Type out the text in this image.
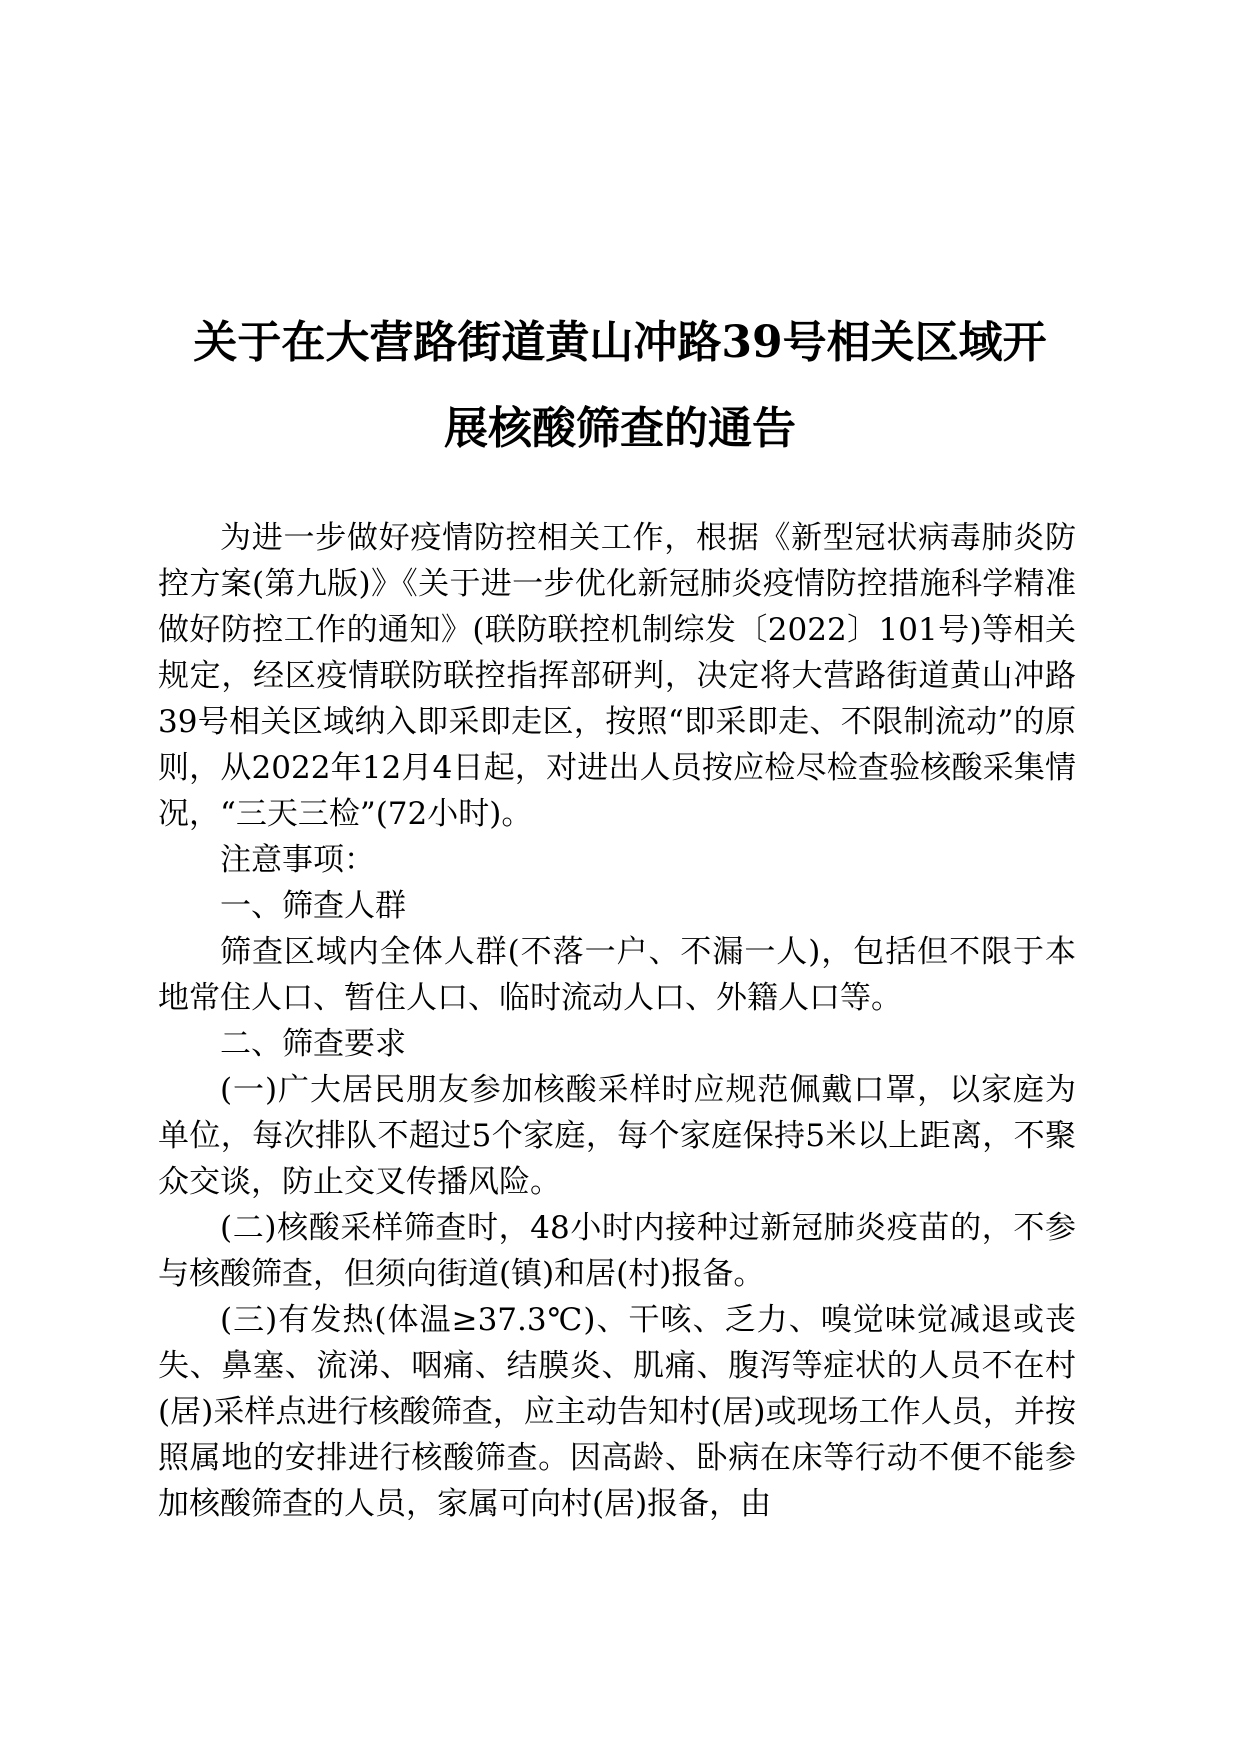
关于在大营路街道黄山冲路39号相关区域开
展核酸筛查的通告

为进一步做好疫情防控相关工作，根据《新型冠状病毒肺炎防控方案(第九版)》《关于进一步优化新冠肺炎疫情防控措施科学精准做好防控工作的通知》(联防联控机制综发〔2022〕101号)等相关规定，经区疫情联防联控指挥部研判，决定将大营路街道黄山冲路39号相关区域纳入即采即走区，按照“即采即走、不限制流动”的原则，从2022年12月4日起，对进出人员按应检尽检查验核酸采集情况，“三天三检”(72小时)。

注意事项：

一、筛查人群

筛查区域内全体人群(不落一户、不漏一人)，包括但不限于本地常住人口、暂住人口、临时流动人口、外籍人口等。

二、筛查要求

(一)广大居民朋友参加核酸采样时应规范佩戴口罩，以家庭为单位，每次排队不超过5个家庭，每个家庭保持5米以上距离，不聚众交谈，防止交叉传播风险。

(二)核酸采样筛查时，48小时内接种过新冠肺炎疫苗的，不参与核酸筛查，但须向街道(镇)和居(村)报备。

(三)有发热(体温≥37.3℃)、干咳、乏力、嗅觉味觉减退或丧失、鼻塞、流涕、咽痛、结膜炎、肌痛、腹泻等症状的人员不在村(居)采样点进行核酸筛查，应主动告知村(居)或现场工作人员，并按照属地的安排进行核酸筛查。因高龄、卧病在床等行动不便不能参加核酸筛查的人员，家属可向村(居)报备，由
